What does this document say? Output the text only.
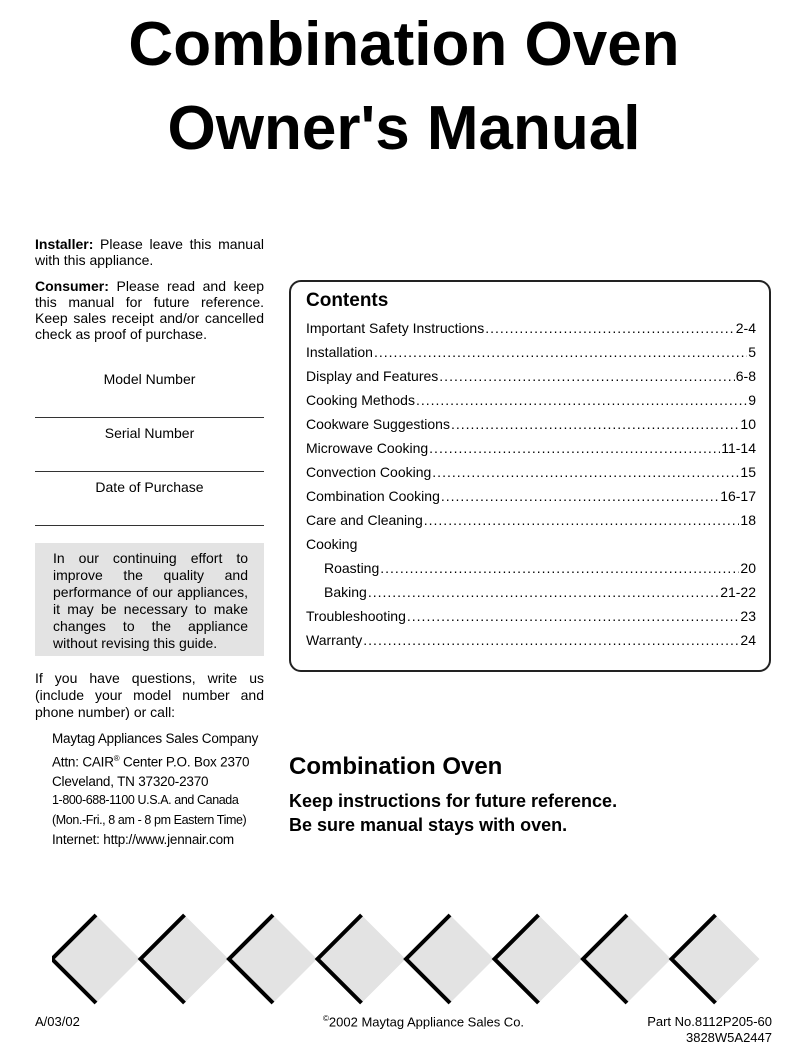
Combination Oven
Owner's Manual

Installer: Please leave this manual with this appliance.

Consumer: Please read and keep this manual for future reference. Keep sales receipt and/or cancelled check as proof of purchase.

Model Number
Serial Number
Date of Purchase
In our continuing effort to improve the quality and performance of our appliances, it may be necessary to make changes to the appliance without revising this guide.
If you have questions, write us (include your model number and phone number) or call:
Maytag Appliances Sales Company
Attn: CAIR® Center P.O. Box 2370
Cleveland, TN 37320-2370
1-800-688-1100 U.S.A. and Canada
(Mon.-Fri., 8 am - 8 pm Eastern Time)
Internet: http://www.jennair.com
Contents
Important Safety Instructions .....	2-4
Installation .....	5
Display and Features .....	6-8
Cooking Methods .....	9
Cookware Suggestions .....	10
Microwave Cooking .....	11-14
Convection Cooking .....	15
Combination Cooking .....	16-17
Care and Cleaning .....	18
Cooking
Roasting .....	20
Baking .....	21-22
Troubleshooting .....	23
Warranty .....	24
Combination Oven
Keep instructions for future reference.
Be sure manual stays with oven.
A/03/02	©2002 Maytag Appliance Sales Co.	Part No.8112P205-60
3828W5A2447
